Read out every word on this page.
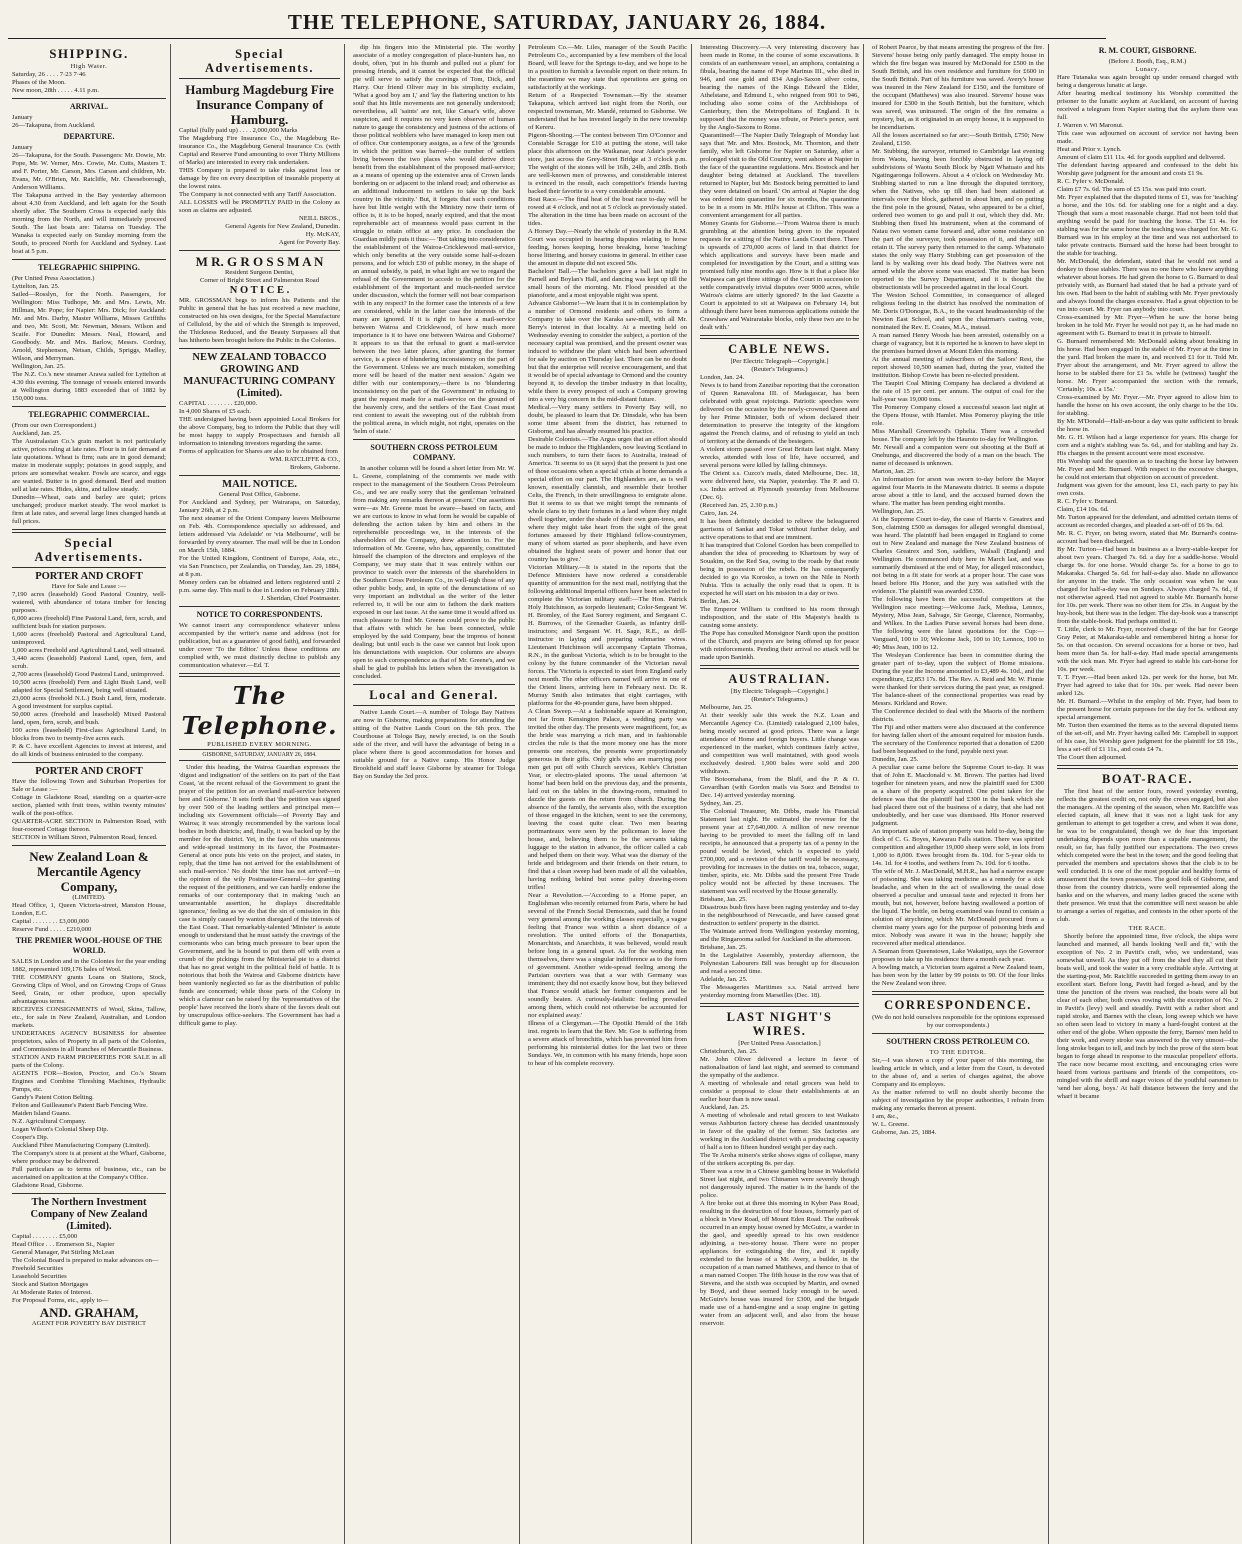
THE TELEPHONE, SATURDAY, JANUARY 26, 1884.
SHIPPING.
High Water.
Saturday, 26 . . . . 7·23 7·46
Phases of the Moon.
New moon, 28th . . . . . 4.11 p.m.
ARRIVAL.
January
26—Takapuna, from Auckland.
DEPARTURE.
January
26—Takapuna, for the South. Passengers: Mr. Dowie, Mr. Pope, Mr. W. Verner, Mrs. Cowie, Mr. Cutts, Masters T. and F. Porter, Mr. Carson, Mrs. Carson and children, Mr. Evans, Mr. O'Brien, Mr. Ratcliffe, Mr. Cheeseborough, Anderson Williams.
The Takapuna arrived in the Bay yesterday afternoon about 4.30 from Auckland, and left again for the South shortly after. The Southern Cross is expected early this morning from the North, and will immediately proceed South. The last boats are: Taiaroa on Tuesday. The Wanaka is expected early on Sunday morning from the South, to proceed North for Auckland and Sydney. Last boat at 5 p.m.
TELEGRAPHIC SHIPPING.
(Per United Press Association.)
Lyttelton, Jan. 25.
Sailed—Rosslyn, for the North. Passengers, for Wellington: Miss Tudhope, Mr. and Mrs. Lewis, Mr. Hillman, Mr. Pope; for Napier: Mrs. Dick; for Auckland: Mr. and Mrs. Darby, Master Williams, Misses Griffiths and two, Mr. Scott, Mr. Newman, Messrs. Wilson and Scaife. For Dunedin: Messrs. Neal, Howard, and Goodbody. Mr. and Mrs. Barlow, Messrs. Cordray, Arnold, Stephenson, Netsan, Childs, Spriggs, Madley, Wilson, and Merryman.
Wellington, Jan. 25.
The N.Z. Co.'s new steamer Arawa sailed for Lyttelton at 4.30 this evening. The tonnage of vessels entered inwards at Wellington during 1883 exceeded that of 1882 by 150,000 tons.
TELEGRAPHIC COMMERCIAL.
(From our own Correspondent.)
Auckland, Jan. 25.
The Australasian Co.'s grain market is not particularly active, prices ruling at late rates. Flour is in fair demand at late quotations. Wheat is firm; oats are in good demand; maize in moderate supply; potatoes in good supply, and prices are somewhat weaker. Fowls are scarce, and eggs are wanted. Butter is in good demand. Beef and mutton sell at late rates. Hides, skins, and tallow steady.
Dunedin—Wheat, oats and barley are quiet; prices unchanged; produce market steady. The wool market is firm at late rates, and several large lines changed hands at full prices.
Special Advertisements.
PORTER AND CROFT
Have for Sale and Lease :—
7,190 acres (leasehold) Good Pastoral Country, well-watered, with abundance of totara timber for fencing purposes.
6,000 acres (freehold) Fine Pastoral Land, fern, scrub, and sufficient bush for station purposes.
1,600 acres (freehold) Pastoral and Agricultural Land, unimproved.
1,000 acres Freehold and Agricultural Land, well situated.
3,440 acres (leasehold) Pastoral Land, open, fern, and scrub.
2,700 acres (leasehold) Good Pastoral Land, unimproved.
10,500 acres (freehold) Fern and Light Bush Land, well adapted for Special Settlement, being well situated.
23,000 acres (freehold N.L.) Bush Land, fern, moderate. A good investment for surplus capital.
50,000 acres (freehold and leasehold) Mixed Pastoral land, open, fern, scrub, and bush.
100 acres (leasehold) First-class Agricultural Land, in blocks from two to twenty-five acres each.
P. & C. have excellent Agencies to invest at interest, and do all kinds of business entrusted to the company.
PORTER AND CROFT
Have the following Town and Suburban Properties for Sale or Lease :—
Cottage in Gladstone Road, standing on a quarter-acre section, planted with fruit trees, within twenty minutes' walk of the post-office.
QUARTER-ACRE SECTION in Palmerston Road, with four-roomed Cottage thereon.
SECTION in William Street, Palmerston Road, fenced.
New Zealand Loan & Mercantile Agency Company,
(LIMITED).
Head Office, 1, Queen Victoria-street, Mansion House, London, E.C.
Capital . . . . . . . . £3,000,000
Reserve Fund . . . . . £210,000
THE PREMIER WOOL-HOUSE OF THE WORLD.
SALES in London and in the Colonies for the year ending 1882, represented 109,176 bales of Wool.
THE COMPANY grants Loans on Stations, Stock, Growing Clips of Wool, and on Growing Crops of Grass Seed, Grain, or other produce, upon specially advantageous terms.
RECEIVES CONSIGNMENTS of Wool, Skins, Tallow, etc., for sale in New Zealand, Australian, and London markets.
UNDERTAKES AGENCY BUSINESS for absentee proprietors, sales of Property in all parts of the Colonies, and Commissions in all branches of Mercantile Business.
STATION AND FARM PROPERTIES FOR SALE in all parts of the Colony.
AGENTS FOR—Boston, Proctor, and Co.'s Steam Engines and Combine Threshing Machines, Hydraulic Pumps, etc.
Gandy's Patent Cotton Belting.
Felton and Guilleaume's Patent Barb Fencing Wire.
Maiden Island Guano.
N.Z. Agricultural Company.
Logan Wilson's Colonial Sheep Dip.
Cooper's Dip.
Auckland Fibre Manufacturing Company (Limited).
The Company's store is at present at the Wharf, Gisborne, where produce may be delivered.
Full particulars as to terms of business, etc., can be ascertained on application at the Company's Office.
Gladstone Road, Gisborne.
The Northern Investment Company of New Zealand (Limited).
Capital . . . . . . . . £5,000
Head Office . . . Emmerson St., Napier
General Manager, Pat Stirling McLean
The Colonial Board is prepared to make advances on—
Freehold Securities
Leasehold Securities
Stock and Station Mortgages
At Moderate Rates of Interest.
For Proposal Forms, etc., apply to—
AND. GRAHAM,
AGENT FOR POVERTY BAY DISTRICT
Special Advertisements.
Hamburg Magdeburg Fire Insurance Company of Hamburg.
Capital (fully paid up) . . . . 2,000,000 Marks
The Magdeburg Fire Insurance Co., the Magdeburg Re-insurance Co., the Magdeburg General Insurance Co. (with Capital and Reserve Fund amounting to over Thirty Millions of Marks) are interested in every risk undertaken.
THIS Company is prepared to take risks against loss or damage by fire on every description of insurable property at the lowest rates.
The Company is not connected with any Tariff Association.
ALL LOSSES will be PROMPTLY PAID in the Colony as soon as claims are adjusted.
NEILL BROS.,
General Agents for New Zealand, Dunedin.
Hy. McKAY,
Agent for Poverty Bay.
M R. G R O S S M A N
Resident Surgeon Dentist,
Corner of Bright Street and Palmerston Road
N O T I C E .
MR. GROSSMAN begs to inform his Patients and the Public in general that he has just received a new machine, constructed on his own designs, for the Special Manufacture of Celluloid, by the aid of which the Strength is improved, the Thickness Reduced, and the Beauty Surpasses all that has hitherto been brought before the Public in the Colonies.
NEW ZEALAND TOBACCO GROWING AND MANUFACTURING COMPANY (Limited).
CAPITAL . . . . . . . . £20,000.
In 4,000 Shares of £5 each.
THE undersigned having been appointed Local Brokers for the above Company, beg to inform the Public that they will be most happy to supply Prospectuses and furnish all information to intending investors regarding the same.
Forms of application for Shares are also to be obtained from
WM. RATCLIFFE & CO.,
Brokers, Gisborne.
MAIL NOTICE.
General Post Office, Gisborne.
For Auckland and Sydney, per Wairarapa, on Saturday, January 26th, at 2 p.m.
The next steamer of the Orient Company leaves Melbourne on Feb. 4th. Correspondence specially so addressed, and letters addressed 'via Adelaide' or 'via Melbourne', will be forwarded by every steamer. The mail will be due in London on March 15th, 1884.
For the United Kingdom, Continent of Europe, Asia, etc., via San Francisco, per Zealandia, on Tuesday, Jan. 29, 1884, at 8 p.m.
Money orders can be obtained and letters registered until 2 p.m. same day. This mail is due in London on February 28th.
J. Sheridan, Chief Postmaster.
NOTICE TO CORRESPONDENTS.
We cannot insert any correspondence whatever unless accompanied by the writer's name and address (not for publication, but as a guarantee of good faith), and forwarded under cover 'To the Editor.' Unless these conditions are complied with, we must distinctly decline to publish any communication whatever.—Ed. T.
The Telephone.
PUBLISHED EVERY MORNING.
GISBORNE, SATURDAY, JANUARY 26, 1884.

Under this heading, the Wairoa Guardian expresses the 'digust and indignation' of the settlers on its part of the East Coast, 'at the recent refusal of the Government to grant the prayer of the petition for an overland mail-service between here and Gisborne.' It sets forth that 'the petition was signed by over 500 of the leading settlers and principal men—including six Government officials—of Poverty Bay and Wairoa; it was strongly recommended by the various local bodies in both districts; and, finally, it was backed up by the member for the district. Yet, in the face of this unanimous and wide-spread testimony in its favor, the Postmaster-General at once puts his veto on the project, and states, in reply, that the time has not arrived for the establishment of such mail-service.' No doubt 'the time has not arrived'—in the opinion of the wily Postmaster-General—for granting the request of the petitioners, and we can hardly endorse the remarks of our contemporary that in making 'such an unwarrantable assertion, he displays discreditable ignorance,' feeling as we do that the sin of omission in this case is simply caused by wanton disregard of the interests of the East Coast. That remarkably-talented 'Minister' is astute enough to understand that he must satisfy the cravings of the cormorants who can bring much pressure to bear upon the Government, and he is bound to put them off with even a crumb of the pickings from the Ministerial pie to a district that has no great weight in the political field of battle. It is notorious that both the Wairoa and Gisborne districts have been wantonly neglected so far as the distribution of public funds are concerned; while those parts of the Colony in which a clamour can be raised by the 'representatives of the people' have received the lion's share of the favors dealt out by unscrupulous office-seekers. The Government has had a difficult game to play.

dip his fingers into the Ministerial pie. The worthy associate of a motley congregation of place-hunters has, no doubt, often, 'put in his thumb and pulled out a plum' for pressing friends, and it cannot be expected that the official pie will serve to satisfy the cravings of Tom, Dick, and Harry. Our friend Oliver may in his simplicity exclaim, 'What a good boy am I,' and 'lay the flattering unction to his soul' that his little movements are not generally understood; nevertheless, all 'saints' are not, like Cæsar's wife, above suspicion, and it requires no very keen observer of human nature to gauge the consistency and justness of the actions of those political wobblers who have managed to keep men out of office. Our contemporary assigns, as a few of the 'grounds in which the petition was barred—the number of settlers living between the two places who would derive direct benefit from the establishment of the proposed mail-service; as a means of opening up the extensive area of Crown lands bordering on or adjacent to the inland road; and otherwise as an additional inducement to settlers to take up the back country in the vicinity.' But, it forgets that such conditions have but little weight with the Ministry now their term of office is, it is to be hoped, nearly expired, and that the most reprehensible act of meanness would pass current in the struggle to retain office at any price. In conclusion the Guardian mildly puts it thus:— 'But taking into consideration the establishment of the Wairoa-Cricklewood mail-service, which only benefits at the very outside some half-a-dozen persons, and for which £30 of public money, in the shape of an annual subsidy, is paid, in what light are we to regard the refusal of the Government to accede to the petition for the establishment of the important and much-needed service under discussion, which the former will not bear comparison with in any respect? In the former case the interests of a few are considered, while in the latter case the interests of the many are ignored. If it is right to have a mail-service between Wairoa and Cricklewood, of how much more importance is it to have one between Wairoa and Gisborne? It appears to us that the refusal to grant a mail-service between the two latter places, after granting the former service, is a piece of blundering inconsistency on the part of the Government. Unless we are much mistaken, something more will be heard of the matter next session.' Again we differ with our contemporary,—there is no 'blundering inconsistency on the part of the Government' in refusing to grant the request made for a mail-service on the ground of the heavenly crew, and the settlers of the East Coast must rest content to await the sweeping out of the rubbish from the political arena, in which might, not right, operates on the 'helm of state.'

SOUTHERN CROSS PETROLEUM COMPANY.

In another column will be found a short letter from Mr. W. L. Greene, complaining of the comments we made with respect to the management of the Southern Cross Petroleum Co., and we are really sorry that the gentleman 'refrained from making any remarks thereon at present.' Our assertions were—as Mr. Greene must be aware—based on facts, and we are curious to know in what form he would be capable of defending the action taken by him and others in the reprehensible proceedings we, in the interests of the shareholders of the Company, drew attention to. For the information of Mr. Greene, who has, apparently, constituted himself the champion of the directors and employes of the Company, we may state that it was entirely within our province to watch over the interests of the shareholders in the Southern Cross Petroleum Co., in well-nigh those of any other public body, and, in spite of the denunciations of so very important an individual as the writer of the letter referred to, it will be our aim to fathom the dark matters exposed in our last issue. At the same time it would afford us much pleasure to find Mr. Greene could prove to the public that affairs with which he has been connected, while employed by the said Company, bear the impress of honest dealing; but until such is the case we cannot but look upon his denunciations with suspicion. Our columns are always open to such correspondence as that of Mr. Greene's, and we shall be glad to publish his letters when the investigation is concluded.

Local and General.

Native Lands Court.—A number of Tologa Bay Natives are now in Gisborne, making preparations for attending the sitting of the Native Lands Court on the 6th prox. The Courthouse at Tologa Bay, newly erected, is on the South side of the river, and will have the advantage of being in a place where there is good accommodation for horses and suitable ground for a Native camp. His Honor Judge Brookfield and staff leave Gisborne by steamer for Tologa Bay on Sunday the 3rd prox.

Petroleum Co.—Mr. Liles, manager of the South Pacific Petroleum Co., accompanied by a few members of the local Board, will leave for the Springs to-day, and we hope to be in a position to furnish a favorable report on their return. In the meantime we may state that operations are going on satisfactorily at the workings.
Return of a Respected Townsman.—By the steamer Takapuna, which arrived last night from the North, our respected townsman, Mr. Mandé, returned to Gisborne. We understand that he has invested largely in the new township of Kereru.
Pigeon-Shooting.—The contest between Tim O'Connor and Constable Scragge for £10 at putting the stone, will take place this afternoon on the Waikanae, near Adair's powder store, just across the Grey-Street Bridge at 3 o'clock p.m. The weight of the stones will be 16lb, 24lb, and 28lb. Both are well-known men of prowess, and considerable interest is evinced in the result, each competitor's friends having backed their favorite to a very considerable amount.
Boat Race.—The final heat of the boat race to-day will be rowed at 4 o'clock, and not at 5 o'clock as previously stated. The alteration in the time has been made on account of the tides.
A Horsey Day.—Nearly the whole of yesterday in the R.M. Court was occupied in hearing disputes relating to horse feeding, horses keeping, horse breaking, horse 'teaching' horse littering, and horsey customs in general. In either case the amount in dispute did not exceed 50s.
Bachelors' Ball.—The bachelors gave a ball last night in Parnell and Boylan's Hall, and dancing was kept up till the small hours of the morning. Mr. Flood presided at the pianoforte, and a most enjoyable night was spent.
Advance Gisborne!—We learn that it is in contemplation by a number of Ormond residents and others to form a Company to take over the Karaka saw-mill, with all Mr. Berry's interest in that locality. At a meeting held on Wednesday evening to consider the subject, a portion of the necessary capital was promised, and the present owner was induced to withdraw the plant which had been advertised for sale by auction on Thursday last. There can be no doubt but that the enterprise will receive encouragement, and that it would be of special advantage to Ormond and the country beyond it, to develop the timber industry in that locality, while there is every prospect of such a Company growing into a very big concern in the mid-distant future.
Medical.—Very many settlers in Poverty Bay will, no doubt, be pleased to learn that Dr. Dinsdale, who has been some time absent from the district, has returned to Gisborne, and has already resumed his practice.
Desirable Colonists.—The Argus urges that an effort should be made to induce the Highlanders, now leaving Scotland in such numbers, to turn their faces to Australia, instead of America. 'It seems to us (it says) that the present is just one of those occasions when a special crisis at home demands a special effort on our part. The Highlanders are, as is well known, essentially clannish, and resemble their brother Celts, the French, in their unwillingness to emigrate alone. But it seems to us that we might tempt the remnants of whole clans to try their fortunes in a land where they might dwell together, under the shade of their own gum-trees, and where they might take heart from the sight of the great fortunes amassed by their Highland fellow-countrymen, many of whom started as poor shepherds, and have even obtained the highest seats of power and honor that our country has to give.'
Victorian Military.—It is stated in the reports that the Defence Ministers have now ordered a considerable quantity of ammunition for the next mail, notifying that the following additional Imperial officers have been selected to complete the Victorian military staff:—The Hon. Patrick Holy Hutchinson, as torpedo lieutenant; Color-Sergeant W. H. Bromley, of the East Surrey regiment, and Sergeant C. H. Burrows, of the Grenadier Guards, as infantry drill-instructors; and Sergeant W. H. Sage, R.E., as drill-instructor in laying and preparing submarine wires. Lieutenant Hutchinson will accompany Captain Thomas, R.N., in the gunboat Victoria, which is to be brought to the colony by the future commander of the Victorian naval forces. The Victoria is expected to start from England early next month. The other officers named will arrive in one of the Orient liners, arriving here in February next. Dr. R. Murray Smith also intimates that eight carriages, with platforms for the 40-pounder guns, have been shipped.
A Clean Sweep.—At a fashionable square at Kensington, not far from Kensington Palace, a wedding party was invited the other day. The presents were magnificent, for, as the bride was marrying a rich man, and in fashionable circles the rule is that the more money one has the more presents one receives, the presents were proportionately generous in their gifts. Only girls who are marrying poor men get put off with Church services, Keble's Christian Year, or electro-plated spoons. The usual afternoon 'at home' had been held on the previous day, and the presents, laid out on the tables in the drawing-room, remained to dazzle the guests on the return from church. During the absence of the family, the servants also, with the exception of those engaged in the kitchen, went to see the ceremony, leaving the coast quite clear. Two men bearing portmanteaux were seen by the policeman to leave the house, and, believing them to be the servants taking luggage to the station in advance, the officer called a cab and helped them on their way. What was the dismay of the bride and bridegroom and their friends on their return, to find that a clean sweep had been made of all the valuables, having nothing behind but some paltry drawing-room trifles!
Near a Revolution.—'According to a Home paper, an Englishman who recently returned from Paris, where he had several of the French Social Democrats, said that he found very general among the working classes especially, a vague feeling that France was within a short distance of a revolution. The united efforts of the Bonapartists, Monarchists, and Anarchists, it was believed, would result before long in a general upset. As for the working men themselves, there was a singular indifference as to the form of government. Another wide-spread feeling among the Parisian ouvriers was that a war with Germany was imminent; they did not exactly know how, but they believed that France would attack her former conquerors and be soundly beaten. A curiously-fatalistic feeling prevailed among them, which could not otherwise be accounted for nor explained away.'
Illness of a Clergyman.—The Opotiki Herald of the 16th inst. regrets to learn that the Rev. Mr. Goe is suffering from a severe attack of bronchitis, which has prevented him from performing his ministerial duties for the last two or three Sundays. We, in common with his many friends, hope soon to hear of his complete recovery.
Interesting Discovery.—A very interesting discovery has been made in Rome, in the course of some excavations. It consists of an earthenware vessel, an amphora, containing a fibula, bearing the name of Pope Marinus III., who died in 946, and one gold and 834 Anglo-Saxon silver coins, bearing the names of the Kings Edward the Elder, Athelstane, and Edmund I., who reigned from 901 to 946, including also some coins of the Archbishops of Canterbury, then the Metropolitans of England. It is supposed that the money was tribute, or Peter's pence, sent by the Anglo-Saxons to Rome.
Quarantined!—The Napier Daily Telegraph of Monday last says that 'Mr. and Mrs. Bostock, Mr. Thornton, and their family, who left Gisborne for Napier on Saturday, after a prolonged visit to the Old Country, went ashore at Napier in the face of the quarantine regulations. Mrs. Bostock and her daughter being detained at Auckland. The travellers returned to Napier, but Mr. Bostock being permitted to land they were detained on board.' On arrival at Napier the dog was ordered into quarantine for six months, the quarantine to be in a room in Mr. Hill's house at Clifton. This was a convenient arrangement for all parties.
Money Grants for Gisborne.—'From Wairoa there is much grumbling at the attention being given to the repeated requests for a sitting of the Native Lands Court there. There is upwards of 270,000 acres of land in that district for which applications and surveys have been made and completed for investigation by the Court, and a sitting was promised fully nine months ago. How is it that a place like Waipawa can get three sittings of the Court in succession to settle comparatively trivial disputes over 9000 acres, while Wairoa's claims are utterly ignored? In the last Gazette a Court is appointed to sit at Waipawa on February 14, but although there have been numerous applications outside the Crawshaw and Wairaratake blocks, only these two are to be dealt with.'
CABLE NEWS.
[Per Electric Telegraph—Copyright.]
(Reuter's Telegrams.)
London, Jan. 24.
News is to hand from Zanzibar reporting that the coronation of Queen Ranavalona III. of Madagascar, has been celebrated with great rejoicings. Patriotic speeches were delivered on the occasion by the newly-crowned Queen and by her Prime Minister, both of whom declared their determination to preserve the integrity of the kingdom against the French claims, and of refusing to yield an inch of territory at the demands of the besiegers.
A violent storm passed over Great Britain last night. Many wrecks, attended with loss of life, have occurred, and several persons were killed by falling chimneys.
The Orient s.s. Cuzco's mails, dated Melbourne, Dec. 18, were delivered here, via Napier, yesterday. The P. and O. s.s. Indus arrived at Plymouth yesterday from Melbourne (Dec. 6).
(Received Jan. 25, 2.30 p.m.)
Cairo, Jan. 24.
It has been definitely decided to relieve the beleaguered garrisons of Sankat and Tokar without further delay, and active operations to that end are imminent.
It has transpired that Colonel Gordon has been compelled to abandon the idea of proceeding to Khartoum by way of Souakim, on the Red Sea, owing to the roads by that route being in possession of the rebels. He has consequently decided to go via Korosko, a town on the Nile in North Nubia. This is actually the only road that is open. It is expected he will start on his mission in a day or two.
Berlin, Jan. 24.
The Emperor William is confined to his room through indisposition, and the state of His Majesty's health is causing some anxiety.
The Pope has consulted Monsignor Nardi upon the position of the Church, and prayers are being offered up for peace with reinforcements. Pending their arrival no attack will be made upon Baninkh.
AUSTRALIAN.
[By Electric Telegraph—Copyright.]
(Reuter's Telegrams.)
Melbourne, Jan. 25.
At their weekly sale this week the N.Z. Loan and Mercantile Agency Co. (Limited) catalogued 2,100 bales, being mostly secured at good prices. There was a large attendance of Home and foreign buyers. Little change was experienced in the market, which continues fairly active, and competition was well maintained, with good wools exclusively desired. 1,900 bales were sold and 200 withdrawn.
The Botoomahana, from the Bluff, and the P. & O. Govardhan (with Gordon mails via Suez and Brindisi to Dec. 14) arrived yesterday morning.
Sydney, Jan. 25.
The Colonial Treasurer, Mr. Dibbs, made his Financial Statement last night. He estimated the revenue for the present year at £7,640,000. A million of new revenue having to be provided to meet the falling off in land receipts, he announced that a property tax of a penny in the pound would be levied, which is expected to yield £700,000, and a revision of the tariff would be necessary, providing for increases in the duties on tea, tobacco, sugar, timber, spirits, etc. Mr. Dibbs said the present Free Trade policy would not be affected by these increases. The statement was well received by the House generally.
Brisbane, Jan. 25.
Disastrous bush fires have been raging yesterday and to-day in the neighbourhood of Newcastle, and have caused great destruction to settlers' property in the district.
The Waimate arrived from Wellington yesterday morning, and the Ringarooma sailed for Auckland in the afternoon.
Brisbane, Jan. 25.
In the Legislative Assembly, yesterday afternoon, the Polynesian Labourers Bill was brought up for discussion and read a second time.
Adelaide, Jan. 25.
The Messageries Maritimes s.s. Natal arrived here yesterday morning from Marseilles (Dec. 18).
LAST NIGHT'S WIRES.
[Per United Press Association.]
Christchurch, Jan. 25.
Mr. John Oliver delivered a lecture in favor of nationalisation of land last night, and seemed to command the sympathy of the audience.
A meeting of wholesale and retail grocers was held to consider a proposal to close their establishments at an earlier hour than is now usual.
Auckland, Jan. 25.
A meeting of wholesale and retail grocers to test Waikato versus Ashburton factory cheese has decided unanimously in favor of the quality of the former. Six factories are working in the Auckland district with a producing capacity of half a ton to fifteen hundred weight per day each.
The Te Aroha miners's strike shows signs of collapse, many of the strikers accepting 8s. per day.
There was a row in a Chinese gambling house in Wakefield Street last night, and two Chinamen were severely though not dangerously injured. The matter is in the hands of the police.
A fire broke out at three this morning in Kyber Pass Road, resulting in the destruction of four houses, formerly part of a block in View Road, off Mount Eden Road. The outbreak occurred in an empty house owned by McGuire, a warder in the gaol, and speedily spread to his own residence adjoining, a two-storey house. There were no proper appliances for extinguishing the fire, and it rapidly extended to the house of a Mr. Avery, a builder, in the occupation of a man named Matthews, and thence to that of a man named Cooper. The fifth house in the row was that of Stevens, and the sixth was occupied by Martin, and owned by Boyd, and these seemed lucky enough to be saved. McGuire's house was insured for £300, and the brigade made use of a hand-engine and a soap engine in getting water from an adjacent well, and also from the house reservoir.
of Robert Pearce, by that means arresting the progress of the fire. Stevens' house being only partly damaged. The empty house in which the fire began was insured by McDonald for £500 in the South British, and his own residence and furniture for £600 in the South British. Part of his furniture was saved. Avery's house was insured in the New Zealand for £150, and the furniture of the occupant (Matthews) was also insured. Stevens' house was insured for £300 in the South British, but the furniture, which was saved, was uninsured. The origin of the fire remains a mystery, but, as it originated in an empty house, it is supposed to be incendiarism.
All the losses ascertained so far are:—South British, £750; New Zealand, £150.
Mr. Stubbing, the surveyor, returned to Cambridge last evening from Waotu, having been forcibly obstructed in laying off subdivisions of Waotu South Block by Ngati Whatuaio and his Ngatingaronga followers. About a 4 o'clock on Wednesday Mr. Stubbing started to run a line through the disputed territory, when the Natives, who up till then had been stationed at intervals over the block, gathered in about him, and on putting the first pole in the ground, Natau, who appeared to be a chief, ordered two women to go and pull it out, which they did. Mr. Stubbing then fixed his instrument, when at the command of Natau two women came forward and, after some resistance on the part of the surveyor, took possession of it, and they still retain it. The survey party then returned to the camp. Whatunaio states the only way Harry Stubbing can get possession of the land is by walking over his dead body. The Natives were not armed while the above scene was enacted. The matter has been reported to the Survey Department, and it is thought the obstructionists will be proceeded against in the local Court.
The Weston School Committee, in consequence of alleged religious feeling in the district has resolved the nomination of Mr. Doris O'Donogue, B.A., to the vacant headmastership of the Newton East School, and upon the chairman's casting vote, nominated the Rev. E. Coates, M.A., instead.
A man named Henry Woods has been arrested, ostensibly on a charge of vagrancy, but it is reported he is known to have slept in the premises burned down at Mount Eden this morning.
At the annual meeting of subscribers of the Sailors' Rest, the report showed 10,500 seamen had, during the year, visited the institution. Bishop Cowie has been re-elected president.
The Taupiri Coal Mining Company has declared a dividend at the rate of 15 per cent. per annum. The output of coal for the half-year was 19,000 tons.
The Pomeroy Company closed a successful season last night at the Opera House, with Hamlet. Miss Pomeroy playing the title role.
Miss Marshall Greenwood's Ophelia. There was a crowded house. The company left by the Hauroto to-day for Wellington.
Mr. Newall and a companion were out shooting at the Buff at Onehunga, and discovered the body of a man on the beach. The name of deceased is unknown.
Marton, Jan. 25.
An information for arson was sworn to-day before the Mayor against four Maoris in the Manawatu district. It seems a dispute arose about a title to land, and the accused burned down the whare. The matter has been pending eight months.
Wellington, Jan. 25.
At the Supreme Court to-day, the case of Harris v. Greatrex and Son, claiming £500 as damages for alleged wrongful dismissal, was heard. The plaintiff had been engaged in England to come out to New Zealand and manage the New Zealand business of Charles Greatrex and Son, saddlers, Walsall (England) and Wellington. He commenced duty here in March last, and was summarily dismissed at the end of May, for alleged misconduct, not being in a fit state for work at a proper hour. The case was heard before His Honor, and the jury was satisfied with the evidence. The plaintiff was awarded £350.
The following have been the successful competitors at the Wellington race meeting:—Welcome Jack, Medusa, Lennox, Mystery, Miss Jean, Salvage, Sir George, Clarence, Normanby, and Wilkes. In the Ladies Purse several horses had been done. The following were the latest quotations for the Cup:—Vanguard, 100 to 10; Welcome Jack, 100 to 10; Lennox, 100 to 40; Miss Jean, 100 to 12.
The Wesleyan Conference has been in committee during the greater part of to-day, upon the subject of Home missions. During the year the Income amounted to £3,489 4s. 10d., and the expenditure, £2,853 17s. 8d. The Rev. A. Reid and Mr. W. Finnie were thanked for their services during the past year, as resigned. The balance-sheet of the connectional properties was read by Messrs. Kirkland and Rowe.
The Conference decided to deal with the Maoris of the northern districts.
The Fiji and other matters were also discussed at the conference for having fallen short of the amount required for mission funds. The secretary of the Conference reported that a donation of £200 had been bequeathed to the fund, payable next year.
Dunedin, Jan. 25.
A peculiar case came before the Supreme Court to-day. It was that of John E. Macdonald v. M. Brown. The parties had lived together for nineteen years, and now the plaintiff sued for £300 as a share of the property acquired. One point taken for the defence was that the plaintiff had £300 in the bank which she had placed there out of the business of a dairy, that she had not undoubtedly, and her case was dismissed. His Honor reserved judgment.
An important sale of station property was held to-day, being the flock of C. G. Boyes, Kawarau Falls station. There was spirited competition and altogether 19,000 sheep were sold, in lots from 1,000 to 8,000. Ewes brought from 8s. 10d. for 5-year olds to 14s. 1d. for 4 tooths, and wethers from 7s. 10d. for 6 tooths.
The wife of Mr. J. MacDonald, M.H.R., has had a narrow escape of poisoning. She was taking medicine as a remedy for a sick headache, and when in the act of swallowing the usual dose observed a peculiar and unusual taste and rejected it from her mouth, but not, however, before having swallowed a portion of the liquid. The bottle, on being examined was found to contain a solution of strychnine, which Mr. McDonald procured from a chemist many years ago for the purpose of poisoning birds and mice. Nobody was aware it was in the house; happily she recovered after medical attendance.
A Seaman from Queenstown, Lake Wakatipu, says the Governor proposes to take up his residence there a month each year.
A bowling match, a Victorian team against a New Zealand team, has been won by the latter by 99 points to 90. Of the four links the New Zealand won three.
CORRESPONDENCE.
(We do not hold ourselves responsible for the opinions expressed by our correspondents.)
SOUTHERN CROSS PETROLEUM CO.
TO THE EDITOR.
Sir,—I was shown a copy of your paper of this morning, the leading article in which, and a letter from the Court, is devoted to the abuse of, and a series of charges against, the above Company and its employes.
As the matter referred to will no doubt shortly become the subject of investigation by the proper authorities, I refrain from making any remarks thereon at present.
I am, &c.,
W. L. Greene.
Gisborne, Jan. 25, 1884.
R. M. COURT, GISBORNE.
(Before J. Booth, Esq., R.M.)
Lunacy.
Hare Tutanaka was again brought up under remand charged with being a dangerous lunatic at large.
After hearing medical testimony his Worship committed the prisoner to the lunatic asylum at Auckland, on account of having received a telegram from Napier stating that the asylum there was full.
J. Warren v. Wi Maronui.
This case was adjourned on account of service not having been made.
Heat and Prior v. Lynch.
Amount of claim £11 11s. 4d. for goods supplied and delivered.
The defendant having appeared and confessed to the debt his Worship gave judgment for the amount and costs £1 9s.
R. C. Fyfer v. McDonald.
Claim £7 7s. 6d. The sum of £5 15s. was paid into court.
Mr. Fryer explained that the disputed items of £1, was for 'teaching' a horse, and the 10s. 6d. for stabling one for a night and a day. Though that sum a most reasonable charge. Had not been told that anything would be paid for teaching the horse. The £1 4s. for stabling was for the same horse the teaching was charged for. Mr. G. Burnard was in his employ at the time and was not authorised to take private contracts. Burnard said the horse had been brought to the stable for teaching.
Mr. McDonald, the defendant, stated that he would not send a donkey to those stables. There was no one there who knew anything whatever about horses. He had given the horse to G. Burnard to deal privately with, as Burnard had stated that he had a private yard of his own. Had been to the habit of stabling with Mr. Fryer previously and always found the charges excessive. Had a great objection to be run into court. Mr. Fryer ran anybody into court.
Cross-examined by Mr. Fryer—When he saw the horse being broken in he told Mr. Fryer he would not pay it, as he had made no agreement with G. Burnard to treat it in private to himself.
G. Burnard remembered Mr. McDonald asking about breaking in his horse. Had been engaged in the stable of Mr. Fryer at the time in the yard. Had broken the mare in, and received £1 for it. Told Mr. Fryer about the arrangement, and Mr. Fryer agreed to allow the horse to be stabled there for £1 5s. while he (witness) 'taught' the horse. Mr. Fryer accompanied the section with the remark, 'Certainly; 10s. a 15s.'
Cross-examined by Mr. Fryer.—Mr. Fryer agreed to allow him to handle the horse on his own account, the only charge to be the 10s. for stabling.
By Mr. M'Donald—Half-an-hour a day was quite sufficient to break the horse in.
Mr. G. H. Wilson had a large experience for years. His charge for corn and a night's stabling was 5s. 6d., and for stabling and hay 2s. His charges in the present account were most excessive.
His Worship said the question as to teaching the horse lay between Mr. Fryer and Mr. Burnard. With respect to the excessive charges, he could not entertain that objection on account of precedent.
Judgment was given for the amount, less £1, each party to pay his own costs.
R. C. Fyfer v. Burnard.
Claim, £14 10s. 6d.
Mr. Turton appeared for the defendant, and admitted certain items of account as recorded charges, and pleaded a set-off of £6 9s. 6d.
Mr. R. C. Fryer, on being sworn, stated that Mr. Burnard's contra-account had been discharged.
By Mr. Turton—Had been in business as a livery-stable-keeper for about two years. Charged 7s. 6d. a day for a saddle-horse. Would charge 9s. for one horse. Would charge 5s. for a horse to go to Makaraka. Charged 5s. 6d. for half-a-day also. Made no allowance for anyone in the trade. The only occasion was when he was charged for half-a-day was on Sundays. Always charged 7s. 6d., if not otherwise agreed. Had not agreed to stable Mr. Burnard's horse for 10s. per week. There was no other item for 25s. in August by the buy-book, but there was in the ledger. The day-book was a transcript from the stable-book. Had perhaps omitted it.
T. Little, clerk to Mr. Fryer, received charge of the bar for George Gray Peter, at Makaraka-table and remembered hiring a horse for 5s. on that occasion. On several occasions for a horse or two, had been more than 5s. for half-a-day. Had made special arrangements with the sick man. Mr. Fryer had agreed to stable his cart-horse for 10s. per week.
T. T. Fryer.—Had been asked 12s. per week for the horse, but Mr. Fryer had agreed to take that for 10s. per week. Had never been asked 12s.
Mr. H. Burnard.—Whilst in the employ of Mr. Fryer, had been to the present horse for certain purposes for the day for 5s. without any special arrangement.
Mr. Turton then examined the items as to the several disputed items of the set-off, and Mr. Fryer having called Mr. Campbell in support of his case, his Worship gave judgment for the plaintiff for £8 19s., less a set-off of £1 11s., and costs £4 7s.
The Court then adjourned.
BOAT-RACE.

The first heat of the senior fours, rowed yesterday evening, reflects the greatest credit on, not only the crews engaged, but also the managers. At the opening of the season, when Mr. Ratcliffe was elected captain, all knew that it was not a light task for any gentleman to attempt to get together a crew, and when it was done, he was to be congratulated, though we do fear this important undertaking depends upon more than a capable management, the result, so far, has fully justified our expectations. The two crews which competed were the best in the town; and the good feeling that pervaded the members and spectators shows that the club is to be well conducted. It is one of the most popular and healthy forms of amusement that the town possesses. The good folk of Gisborne, and those from the country districts, were well represented along the banks and on the wharves, and many ladies graced the scene with their presence. We trust that the committee will next season be able to arrange a series of regattas, and contests in the other sports of the club.

THE RACE.

Shortly before the appointed time, five o'clock, the ships were launched and manned, all hands looking 'well and fit,' with the exception of No. 2 in Pavitt's craft, who, we understand, was somewhat unwell. As they put off from the shed they all cut their boats well, and took the water in a very creditable style. Arriving at the starting-post, Mr. Ratcliffe succeeded in getting them away to an excellent start. Before long, Pavitt had forged a-head, and by the time the junction of the rivers was reached, the boats were all but clear of each other, both crews rowing with the exception of No. 2 in Pavitt's (levy) well and steadily. Pavitt with a rather short and rapid stroke, and Barnes with the clean, long sweep which we have so often seen lead to victory in many a hard-fought contest at the other end of the globe. When opposite the ferry, Barnes' men held to their work, and every stroke was answered to the very utmost—the long stroke began to tell, and inch by inch the prow of the stern boat began to forge ahead in response to the muscular propellers' efforts. The race now became most exciting, and encouraging cries were heard from various partisans and friends of the competitors, co-mingled with the shrill and eager voices of the youthful oarsmen to 'send her along, boys.' At half distance between the ferry and the wharf it became
